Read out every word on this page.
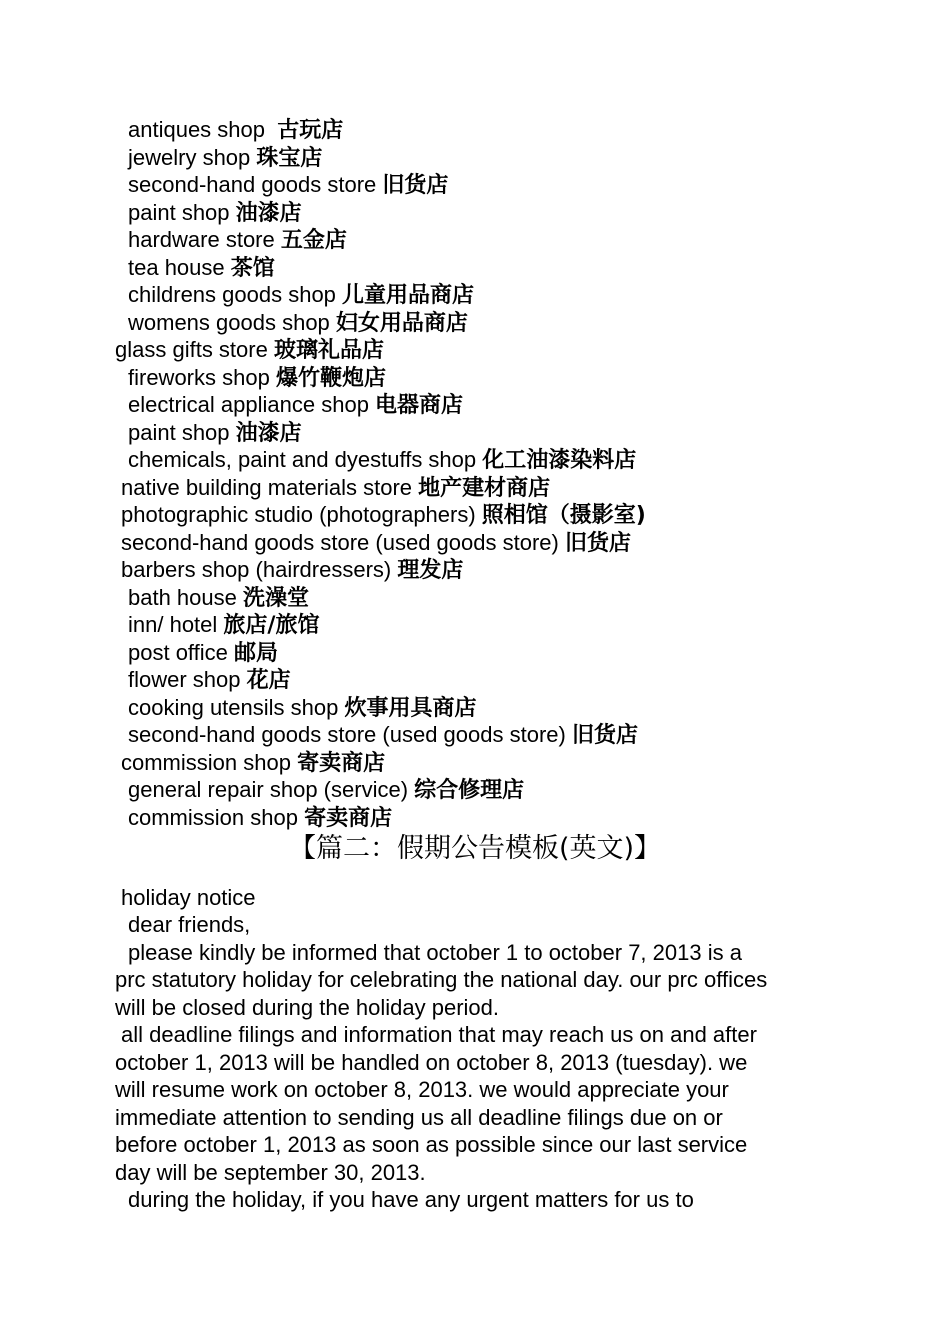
antiques shop  古玩店
jewelry shop 珠宝店
second-hand goods store 旧货店
paint shop 油漆店
hardware store 五金店
tea house 茶馆
childrens goods shop 儿童用品商店
womens goods shop 妇女用品商店
glass gifts store 玻璃礼品店
fireworks shop 爆竹鞭炮店
electrical appliance shop 电器商店
paint shop 油漆店
chemicals, paint and dyestuffs shop 化工油漆染料店
native building materials store 地产建材商店
photographic studio (photographers) 照相馆（摄影室)
second-hand goods store (used goods store) 旧货店
barbers shop (hairdressers) 理发店
bath house 洗澡堂
inn/ hotel 旅店/旅馆
post office 邮局
flower shop 花店
cooking utensils shop 炊事用具商店
second-hand goods store (used goods store) 旧货店
commission shop 寄卖商店
general repair shop (service) 综合修理店
commission shop 寄卖商店
【篇二：假期公告模板(英文)】
holiday notice
dear friends,
please kindly be informed that october 1 to october 7, 2013 is a
prc statutory holiday for celebrating the national day. our prc offices
will be closed during the holiday period.
all deadline filings and information that may reach us on and after
october 1, 2013 will be handled on october 8, 2013 (tuesday). we
will resume work on october 8, 2013. we would appreciate your
immediate attention to sending us all deadline filings due on or
before october 1, 2013 as soon as possible since our last service
day will be september 30, 2013.
during the holiday, if you have any urgent matters for us to
